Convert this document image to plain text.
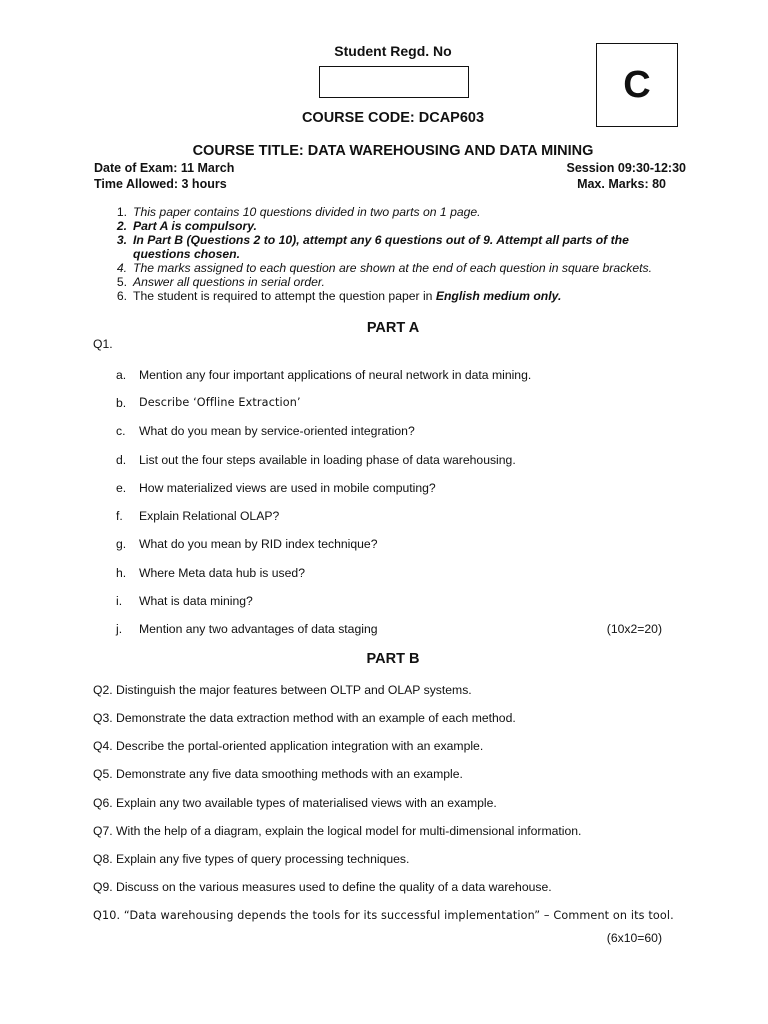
Student Regd. No
C
COURSE CODE: DCAP603
COURSE TITLE: DATA WAREHOUSING AND DATA MINING
Date of Exam: 11 March	Session 09:30-12:30
Time Allowed: 3 hours	Max. Marks: 80
1. This paper contains 10 questions divided in two parts on 1 page.
2. Part A is compulsory.
3. In Part B (Questions 2 to 10), attempt any 6 questions out of 9. Attempt all parts of the
questions chosen.
4. The marks assigned to each question are shown at the end of each question in square brackets.
5. Answer all questions in serial order.
6. The student is required to attempt the question paper in English medium only.
PART A
Q1.
a. Mention any four important applications of neural network in data mining.
b. Describe ‘Offline Extraction’
c. What do you mean by service-oriented integration?
d. List out the four steps available in loading phase of data warehousing.
e. How materialized views are used in mobile computing?
f. Explain Relational OLAP?
g. What do you mean by RID index technique?
h. Where Meta data hub is used?
i. What is data mining?
j. Mention any two advantages of data staging	(10x2=20)
PART B
Q2. Distinguish the major features between OLTP and OLAP systems.
Q3. Demonstrate the data extraction method with an example of each method.
Q4. Describe the portal-oriented application integration with an example.
Q5. Demonstrate any five data smoothing methods with an example.
Q6. Explain any two available types of materialised views with an example.
Q7. With the help of a diagram, explain the logical model for multi-dimensional information.
Q8. Explain any five types of query processing techniques.
Q9. Discuss on the various measures used to define the quality of a data warehouse.
Q10. “Data warehousing depends the tools for its successful implementation” – Comment on its tool.
(6x10=60)
